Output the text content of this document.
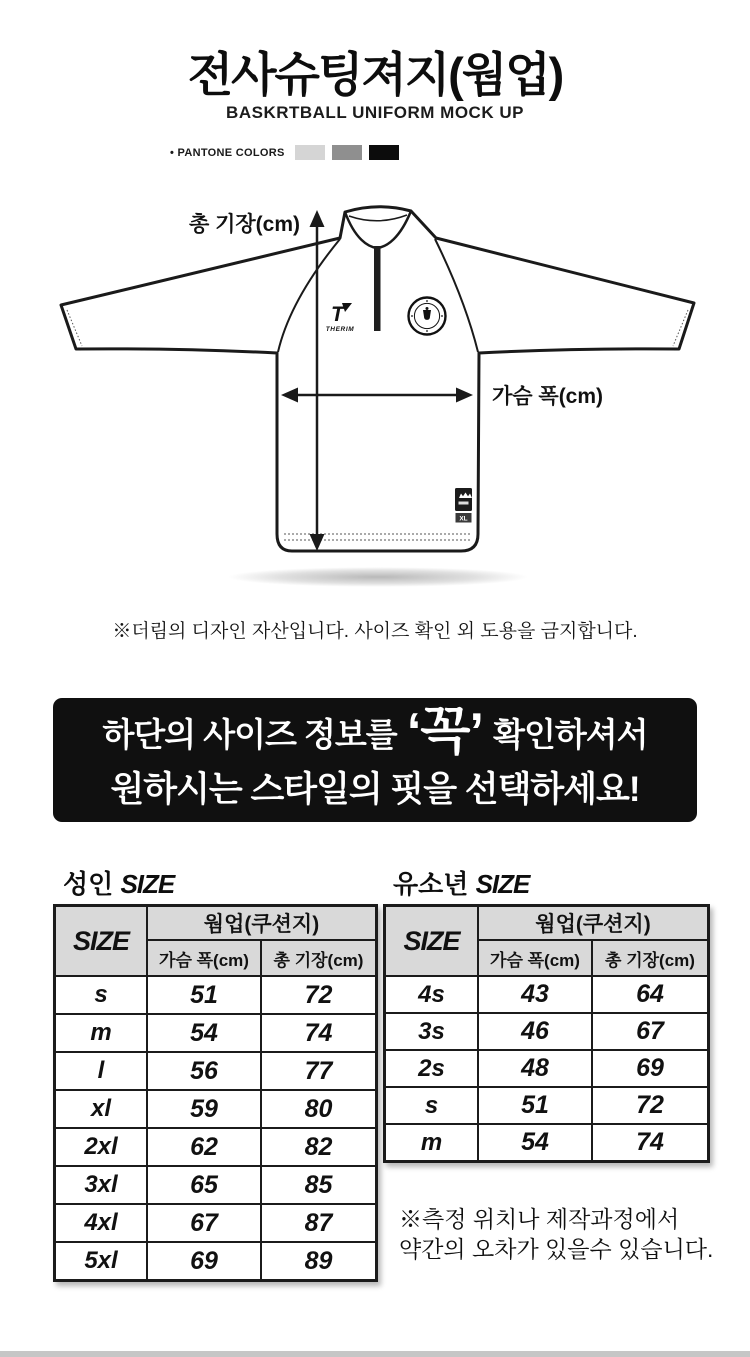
전사슈팅져지(웜업)
BASKRTBALL UNIFORM MOCK UP
• PANTONE COLORS
T
THERIM
XL
총 기장(cm)
가슴 폭(cm)
※더림의 디자인 자산입니다. 사이즈 확인 외 도용을 금지합니다.
하단의 사이즈 정보를 ‘꼭’ 확인하셔서
원하시는 스타일의 핏을 선택하세요!
성인 SIZE
SIZE	웜업(쿠션지)	
	가슴 폭(cm)	총 기장(cm)
s	51	72
m	54	74
l	56	77
xl	59	80
2xl	62	82
3xl	65	85
4xl	67	87
5xl	69	89
유소년 SIZE
SIZE	웜업(쿠션지)	
	가슴 폭(cm)	총 기장(cm)
4s	43	64
3s	46	67
2s	48	69
s	51	72
m	54	74
※측정 위치나 제작과정에서
약간의 오차가 있을수 있습니다.
